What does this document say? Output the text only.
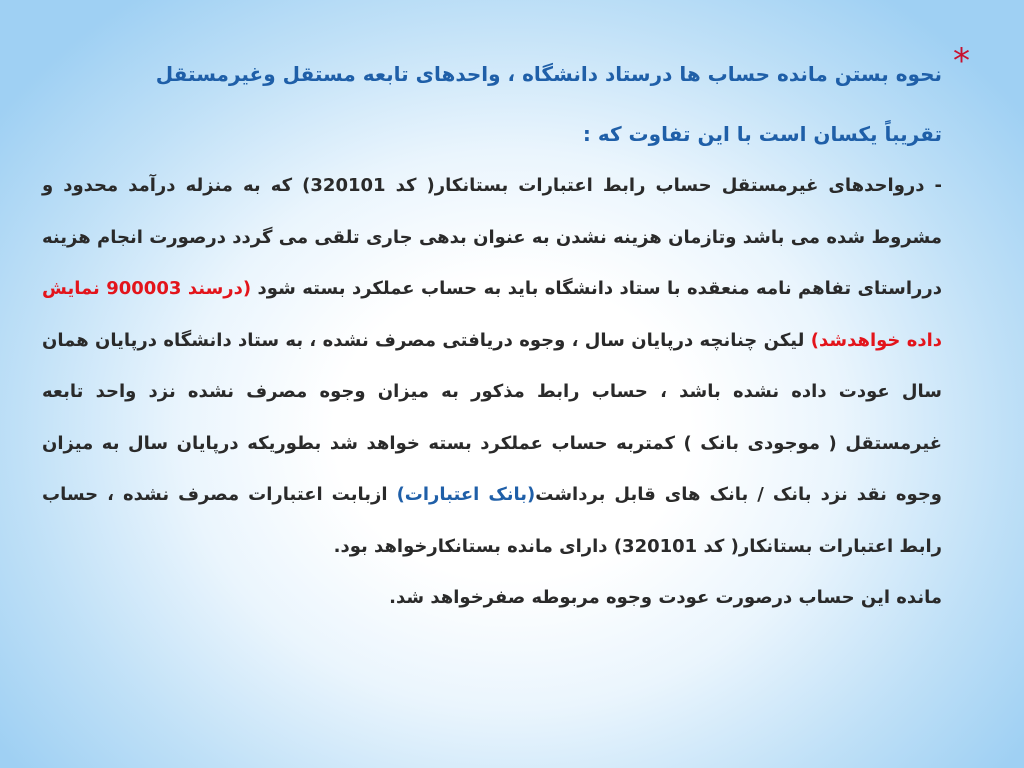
*
نحوه بستن مانده حساب ها درستاد دانشگاه ، واحدهای تابعه مستقل وغیرمستقل
تقریباً یکسان است با این تفاوت که :
- درواحدهای غیرمستقل حساب رابط اعتبارات بستانکار( کد 320101) که به منزله درآمد محدود و مشروط شده می باشد وتازمان هزینه نشدن به عنوان بدهی جاری تلقی می گردد درصورت انجام هزینه درراستای تفاهم نامه منعقده با ستاد دانشگاه باید به حساب عملکرد بسته شود (درسند 900003 نمایش داده خواهدشد) لیکن چنانچه درپایان سال ، وجوه دریافتی مصرف نشده ، به ستاد دانشگاه درپایان همان سال عودت داده نشده باشد ، حساب رابط مذکور به میزان وجوه مصرف نشده نزد واحد تابعه غیرمستقل ( موجودی بانک ) کمتربه حساب عملکرد بسته خواهد شد بطوریکه درپایان سال به میزان وجوه نقد نزد بانک / بانک های قابل برداشت(بانک اعتبارات) ازبابت اعتبارات مصرف نشده ، حساب رابط اعتبارات بستانکار( کد 320101) دارای مانده بستانکارخواهد بود.
مانده این حساب درصورت عودت وجوه مربوطه صفرخواهد شد.
